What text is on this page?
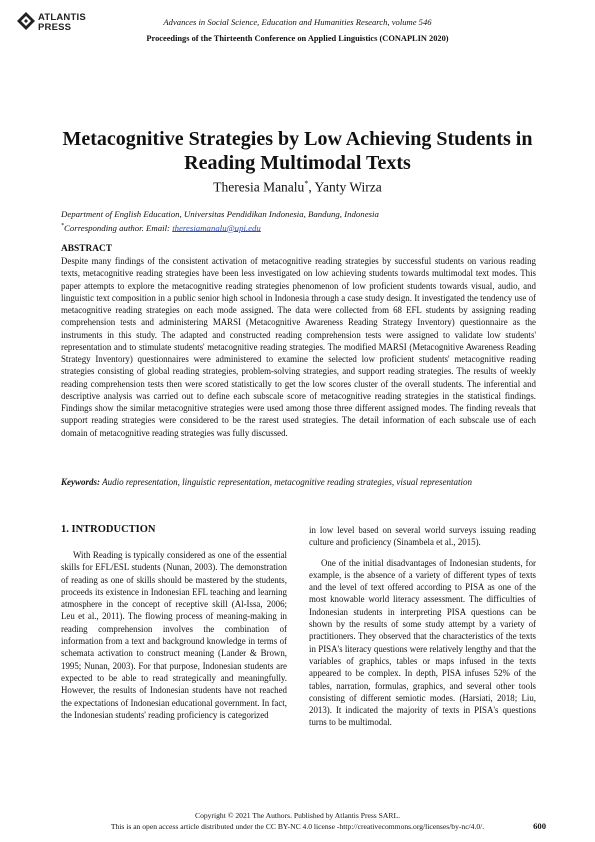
ATLANTIS
PRESS	Advances in Social Science, Education and Humanities Research, volume 546
Proceedings of the Thirteenth Conference on Applied Linguistics (CONAPLIN 2020)
Metacognitive Strategies by Low Achieving Students in Reading Multimodal Texts
Theresia Manalu*, Yanty Wirza
Department of English Education, Universitas Pendidikan Indonesia, Bandung, Indonesia
*Corresponding author. Email: theresiamanalu@upi.edu
ABSTRACT
Despite many findings of the consistent activation of metacognitive reading strategies by successful students on various reading texts, metacognitive reading strategies have been less investigated on low achieving students towards multimodal text modes. This paper attempts to explore the metacognitive reading strategies phenomenon of low proficient students towards visual, audio, and linguistic text composition in a public senior high school in Indonesia through a case study design. It investigated the tendency use of metacognitive reading strategies on each mode assigned. The data were collected from 68 EFL students by assigning reading comprehension tests and administering MARSI (Metacognitive Awareness Reading Strategy Inventory) questionnaire as the instruments in this study. The adapted and constructed reading comprehension tests were assigned to validate low students' representation and to stimulate students' metacognitive reading strategies. The modified MARSI (Metacognitive Awareness Reading Strategy Inventory) questionnaires were administered to examine the selected low proficient students' metacognitive reading strategies consisting of global reading strategies, problem-solving strategies, and support reading strategies. The results of weekly reading comprehension tests then were scored statistically to get the low scores cluster of the overall students. The inferential and descriptive analysis was carried out to define each subscale score of metacognitive reading strategies in the statistical findings. Findings show the similar metacognitive strategies were used among those three different assigned modes. The finding reveals that support reading strategies were considered to be the rarest used strategies. The detail information of each subscale use of each domain of metacognitive reading strategies was fully discussed.
Keywords: Audio representation, linguistic representation, metacognitive reading strategies, visual representation
1. INTRODUCTION

With Reading is typically considered as one of the essential skills for EFL/ESL students (Nunan, 2003). The demonstration of reading as one of skills should be mastered by the students, proceeds its existence in Indonesian EFL teaching and learning atmosphere in the concept of receptive skill (Al-Issa, 2006; Leu et al., 2011). The flowing process of meaning-making in reading comprehension involves the combination of information from a text and background knowledge in terms of schemata activation to construct meaning (Lander & Brown, 1995; Nunan, 2003). For that purpose, Indonesian students are expected to be able to read strategically and meaningfully. However, the results of Indonesian students have not reached the expectations of Indonesian educational government. In fact, the Indonesian students' reading proficiency is categorized

in low level based on several world surveys issuing reading culture and proficiency (Sinambela et al., 2015).

One of the initial disadvantages of Indonesian students, for example, is the absence of a variety of different types of texts and the level of text offered according to PISA as one of the most knowable world literacy assessment. The difficulties of Indonesian students in interpreting PISA questions can be shown by the results of some study attempt by a variety of practitioners. They observed that the characteristics of the texts in PISA's literacy questions were relatively lengthy and that the variables of graphics, tables or maps infused in the texts appeared to be complex. In depth, PISA infuses 52% of the tables, narration, formulas, graphics, and several other tools consisting of different semiotic modes. (Harsiati, 2018; Liu, 2013). It indicated the majority of texts in PISA's questions turns to be multimodal.

Copyright © 2021 The Authors. Published by Atlantis Press SARL.
This is an open access article distributed under the CC BY-NC 4.0 license -http://creativecommons.org/licenses/by-nc/4.0/.	600
